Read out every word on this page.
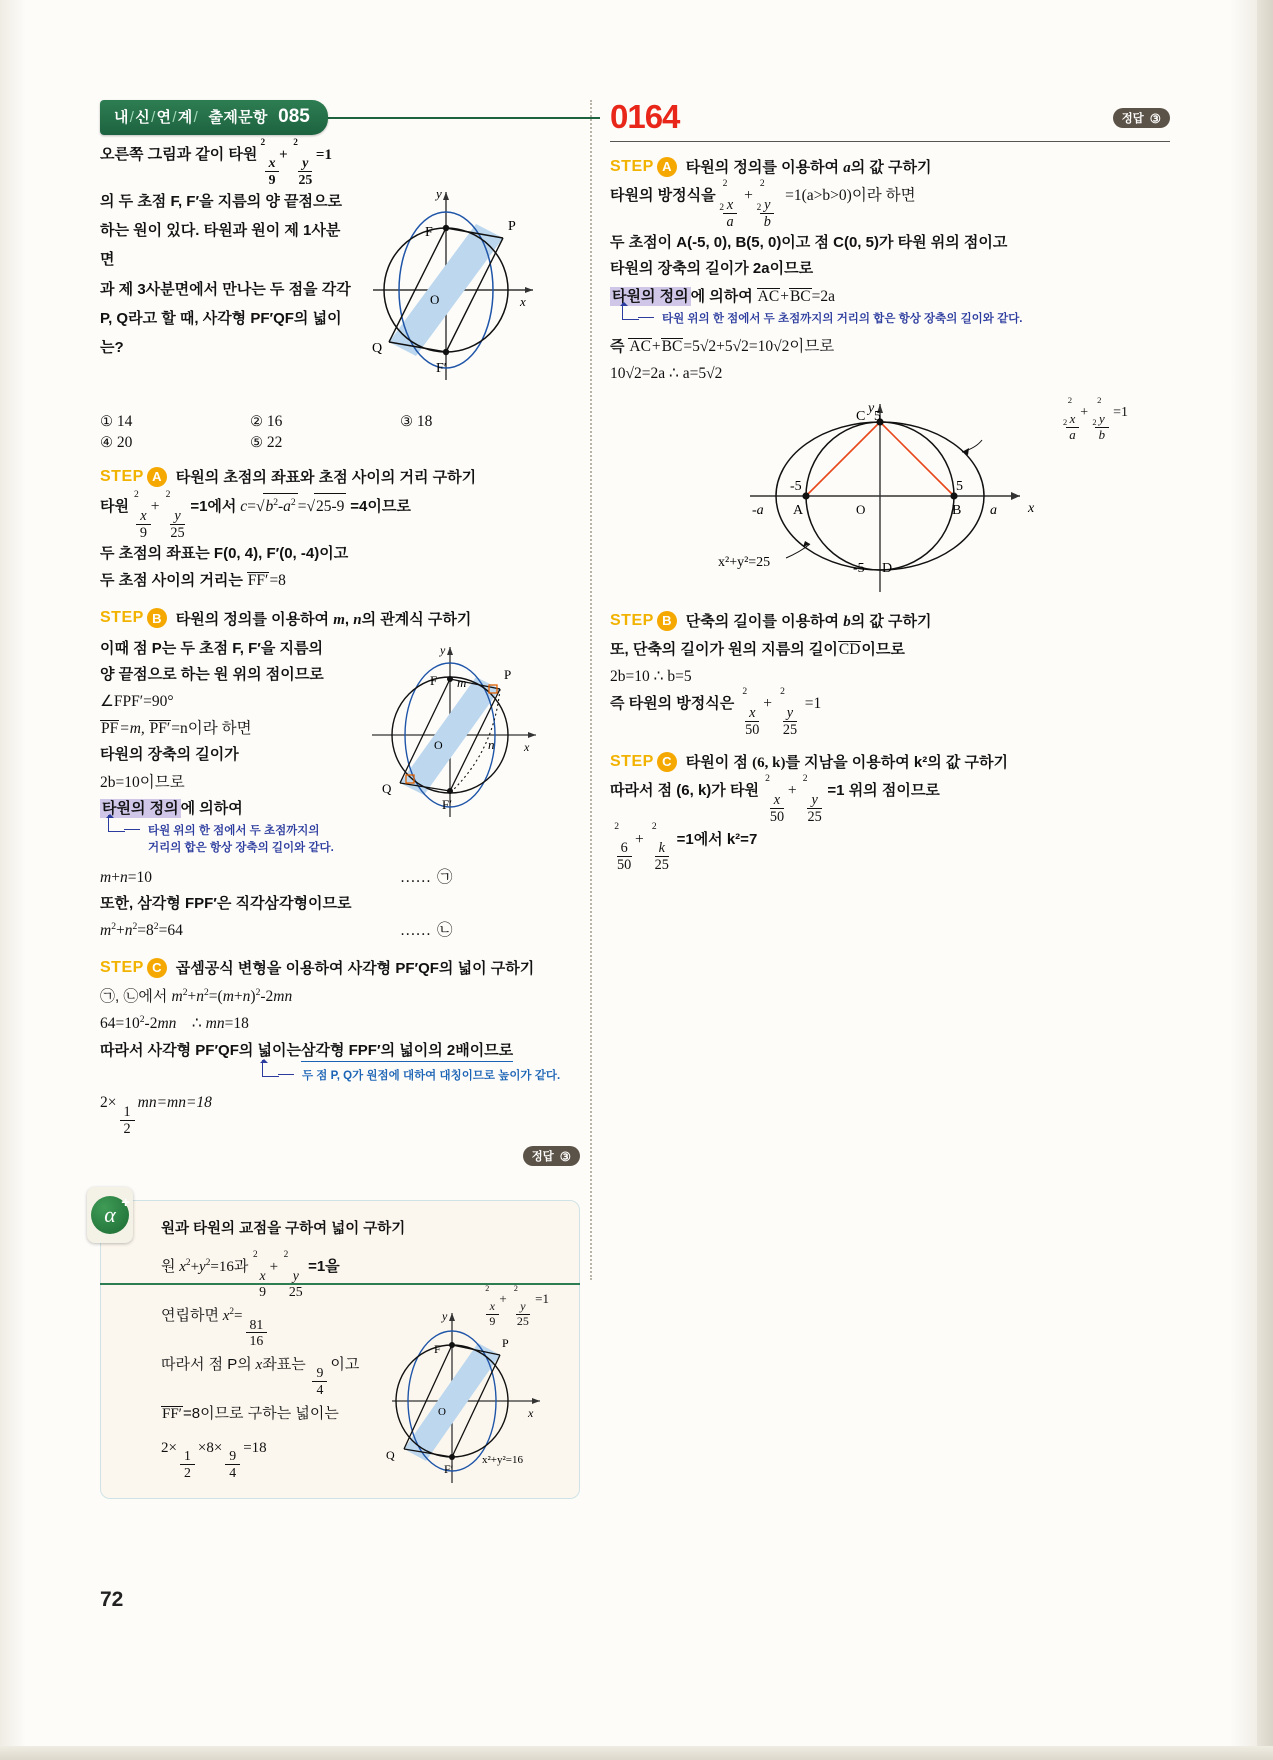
내/신/연/계/ 출제문항 085
오른쪽 그림과 같이 타원
$\frac{x}{9}$
$^2$+
$\frac{y}{25}$
$^2$=1
의 두 초점 F, F′을 지름의 양 끝점으로
하는 원이 있다. 타원과 원이 제 1사분면
과 제 3사분면에서 만나는 두 점을 각각
P, Q라고 할 때, 사각형 PF′QF의 넓이
는?
y
x
F
F′
P
Q
O
① 14	② 16	③ 18
④ 20	⑤ 22
STEP A 타원의 초점의 좌표와 초점 사이의 거리 구하기
타원
$\frac{x}{9}$
$^2$+
$\frac{y}{25}$
$^2$ =1에서 $c=√b^2-a^2 =√25-9 =4$이므로
두 초점의 좌표는 F(0, 4), F′(0, -4)이고
두 초점 사이의 거리는 FF′=8
STEP B 타원의 정의를 이용하여 m, n의 관계식 구하기
이때 점 P는 두 초점 F, F′을 지름의
양 끝점으로 하는 원 위의 점이므로
∠FPF′=90°
PF=m, PF′=n이라 하면
타원의 장축의 길이가
2b=10이므로
타원의 정의 에 의하여
타원 위의 한 점에서 두 초점까지의
거리의 합은 항상 장축의 길이와 같다.
y
x
F
F′
P
Q
O
m
n
m+n=10	…… ㉠
또한, 삼각형 FPF′은 직각삼각형이므로
$m^2+n^2=8^2=64$	…… ㉡
STEP C 곱셈공식 변형을 이용하여 사각형 PF′QF의 넓이 구하기
㉠, ㉡에서 $m^2+n^2=(m+n)^2-2mn$
$64=10^2-2mn$    ∴ mn=18
따라서 사각형 PF′QF의 넓이는삼각형 FPF′의 넓이의 2배이므로
두 점 P, Q가 원점에 대하여 대칭이므로 높이가 같다.
2×
$\frac{1}{2}$
mn=mn=18
정답 ③
+
α
원과 타원의 교점을 구하여 넓이 구하기
원 $x^2+y^2=16$과
$\frac{x}{9}$
$^2$+
$\frac{y}{25}$
$^2$ =1을
연립하면 $x^2=$
$\frac{81}{16}$
따라서 점 P의 x좌표는
$\frac{9}{4}$
이고
FF′=8이므로 구하는 넓이는
2×
$\frac{1}{2}$
×8×
$\frac{9}{4}$
=18
y
x
F
F′
P
Q
O
x²+y²=16
$\frac{x}{9}$
$^2$+
$\frac{y}{25}$
$^2$ =1
0164	정답 ③
STEP A 타원의 정의를 이용하여 a의 값 구하기
타원의 방정식을
$\frac{x}{a}$
$^2_2$+
$\frac{y}{b}$
$^2_2$ =1(a>b>0)이라 하면
두 초점이 A(-5, 0), B(5, 0)이고 점 C(0, 5)가 타원 위의 점이고
타원의 장축의 길이가 2a이므로
타원의 정의 에 의하여 AC+BC=2a
타원 위의 한 점에서 두 초점까지의 거리의 합은 항상 장축의 길이와 같다.
즉 AC+BC=5√2+5√2=10√2이므로
10√2=2a ∴ a=5√2
y
x
C 5
A	B
D
-5	5
-5
-a	a
O
x²+y²=25
$\frac{x}{a}$
$^2_2$+
$\frac{y}{b}$
$^2_2$ =1
STEP B 단축의 길이를 이용하여 b의 값 구하기
또, 단축의 길이가 원의 지름의 길이CD이므로
2b=10 ∴ b=5
즉 타원의 방정식은
$\frac{x}{50}$
$^2$+
$\frac{y}{25}$
$^2$ =1
STEP C 타원이 점 (6, k)를 지남을 이용하여 k²의 값 구하기
따라서 점 (6, k)가 타원
$\frac{x}{50}$
$^2$+
$\frac{y}{25}$
$^2$ =1 위의 점이므로
$\frac{6}{50}$
$^2$+
$\frac{k}{25}$
$^2$ =1에서 k²=7
72
